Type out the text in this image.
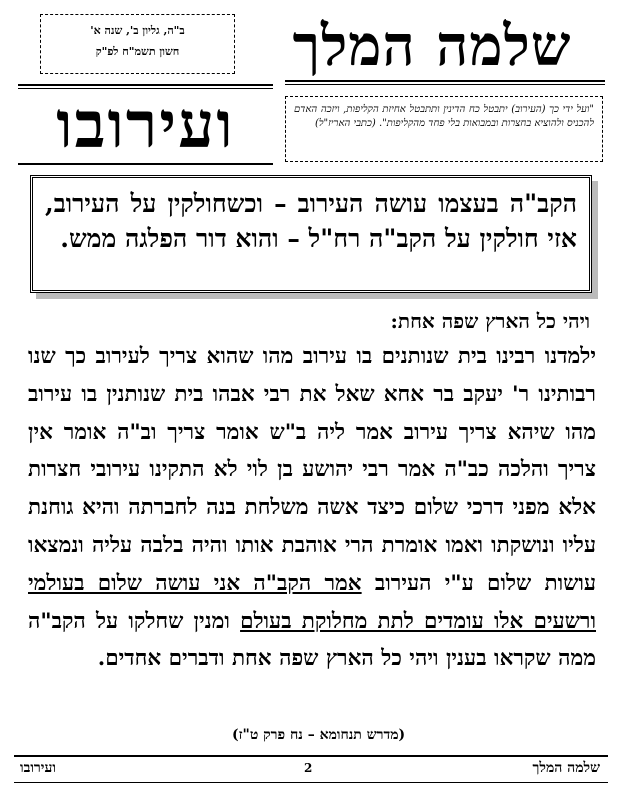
שלמה המלך
ב"ה, גליון ב', שנה א'
חשון תשמ"ח לפ"ק
ועירובו	"ועל ידי כך (העירוב) יתבטל כח הדינין ותתבטל אחיזת הקליפות, ויזכה האדם להכניס ולהוציא בחצרות ובמבואות בלי פחד מהקליפות". (כתבי האריז"ל)
הקב"ה בעצמו עושה העירוב – וכשחולקין על העירוב, אזי חולקין על הקב"ה רח"ל – והוא דור הפלגה ממש.
ויהי כל הארץ שפה אחת:
ילמדנו רבינו בית שנותנים בו עירוב מהו שהוא צריך לעירוב כך שנו רבותינו ר' יעקב בר אחא שאל את רבי אבהו בית שנותנין בו עירוב מהו שיהא צריך עירוב אמר ליה ב"ש אומר צריך וב"ה אומר אין צריך והלכה כב"ה אמר רבי יהושע בן לוי לא התקינו עירובי חצרות אלא מפני דרכי שלום כיצד אשה משלחת בנה לחברתה והיא גוחנת עליו ונושקתו ואמו אומרת הרי אוהבת אותו והיה בלבה עליה ונמצאו עושות שלום ע"י העירוב אמר הקב"ה אני עושה שלום בעולמי ורשעים אלו עומדים לתת מחלוקת בעולם ומנין שחלקו על הקב"ה ממה שקראו בענין ויהי כל הארץ שפה אחת ודברים אחדים.
(מדרש תנחומא – נח פרק ט"ז)
שלמה המלך
2
ועירובו
